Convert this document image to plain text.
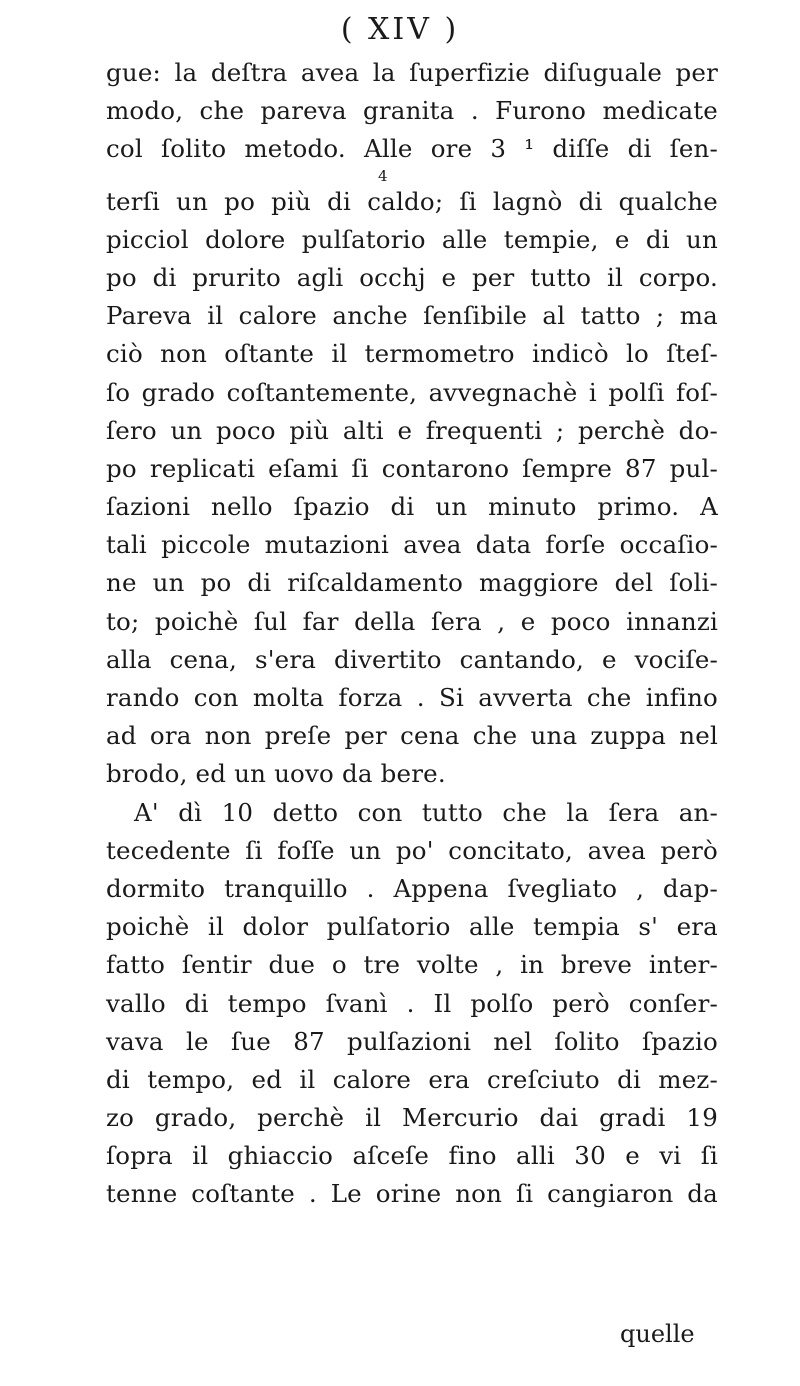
( XIV )
gue: la deſtra avea la ſuperfizie diſuguale per
modo, che pareva granita . Furono medicate
col ſolito metodo. Alle ore 3 ¹ diſſe di ſen-
4
terſi un po più di caldo; ſi lagnò di qualche
picciol dolore pulſatorio alle tempie, e di un
po di prurito agli occhj e per tutto il corpo.
Pareva il calore anche ſenſibile al tatto ; ma
ciò non oſtante il termometro indicò lo ſteſ-
ſo grado coſtantemente, avvegnachè i polſi foſ-
ſero un poco più alti e frequenti ; perchè do-
po replicati eſami ſi contarono ſempre 87 pul-
ſazioni nello ſpazio di un minuto primo. A
tali piccole mutazioni avea data forſe occaſio-
ne un po di riſcaldamento maggiore del ſoli-
to; poichè ſul far della ſera , e poco innanzi
alla cena, s'era divertito cantando, e vociſe-
rando con molta forza . Si avverta che infino
ad ora non preſe per cena che una zuppa nel
brodo, ed un uovo da bere.
A' dì 10 detto con tutto che la ſera an-
tecedente ſi foſſe un po' concitato, avea però
dormito tranquillo . Appena ſvegliato , dap-
poichè il dolor pulſatorio alle tempia s' era
fatto ſentir due o tre volte , in breve inter-
vallo di tempo ſvanì . Il polſo però conſer-
vava le ſue 87 pulſazioni nel ſolito ſpazio
di tempo, ed il calore era creſciuto di mez-
zo grado, perchè il Mercurio dai gradi 19
ſopra il ghiaccio aſceſe fino alli 30 e vi ſi
tenne coſtante . Le orine non ſi cangiaron da
quelle
